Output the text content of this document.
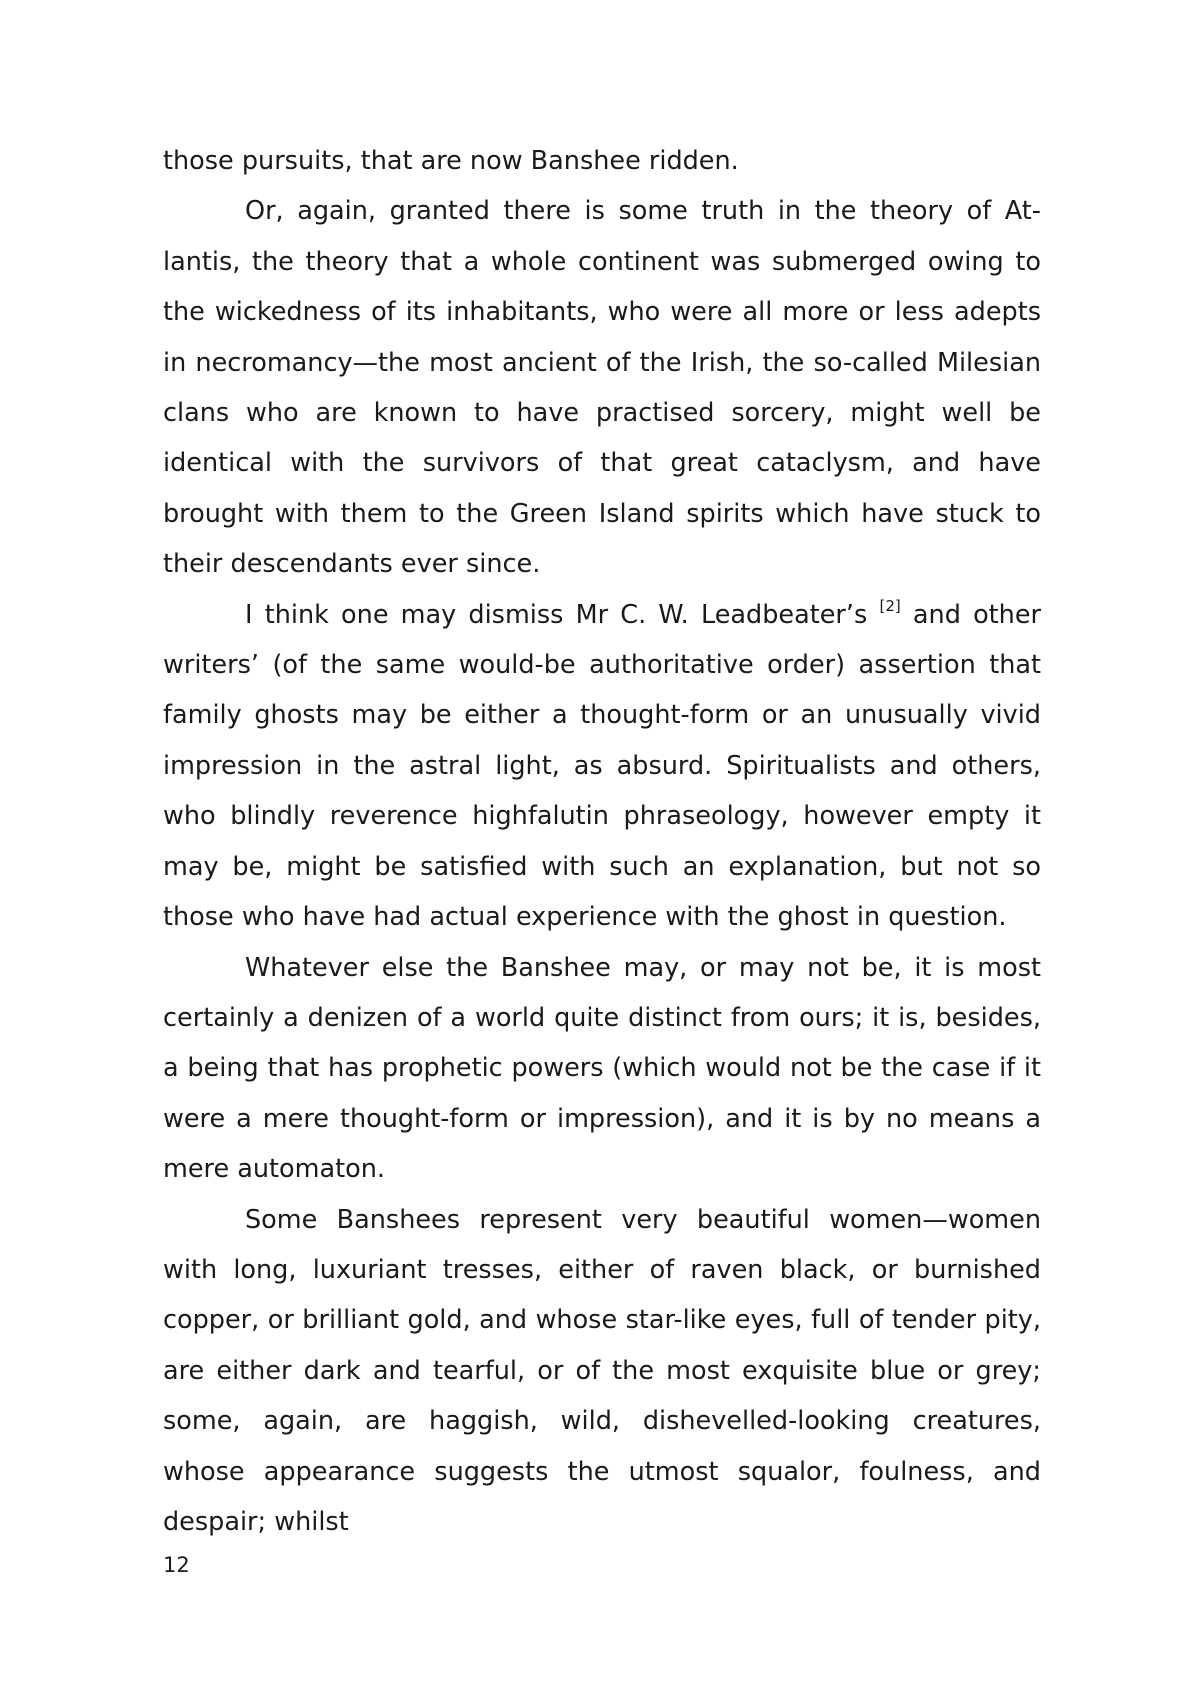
those pursuits, that are now Banshee ridden.

Or, again, granted there is some truth in the theory of Atlantis, the theory that a whole continent was submerged owing to the wickedness of its inhabitants, who were all more or less adepts in necromancy—the most ancient of the Irish, the so-called Milesian clans who are known to have practised sorcery, might well be identical with the survivors of that great cataclysm, and have brought with them to the Green Island spirits which have stuck to their descendants ever since.

I think one may dismiss Mr C. W. Leadbeater’s [2] and other writers’ (of the same would-be authoritative order) assertion that family ghosts may be either a thought-form or an unusually vivid impression in the astral light, as absurd. Spiritualists and others, who blindly reverence highfalutin phraseology, however empty it may be, might be satisfied with such an explanation, but not so those who have had actual experience with the ghost in question.

Whatever else the Banshee may, or may not be, it is most certainly a denizen of a world quite distinct from ours; it is, besides, a being that has prophetic powers (which would not be the case if it were a mere thought-form or impression), and it is by no means a mere automaton.

Some Banshees represent very beautiful women—women with long, luxuriant tresses, either of raven black, or burnished copper, or brilliant gold, and whose star-like eyes, full of tender pity, are either dark and tearful, or of the most exquisite blue or grey; some, again, are haggish, wild, dishevelled-looking creatures, whose appearance suggests the utmost squalor, foulness, and despair; whilst

12
